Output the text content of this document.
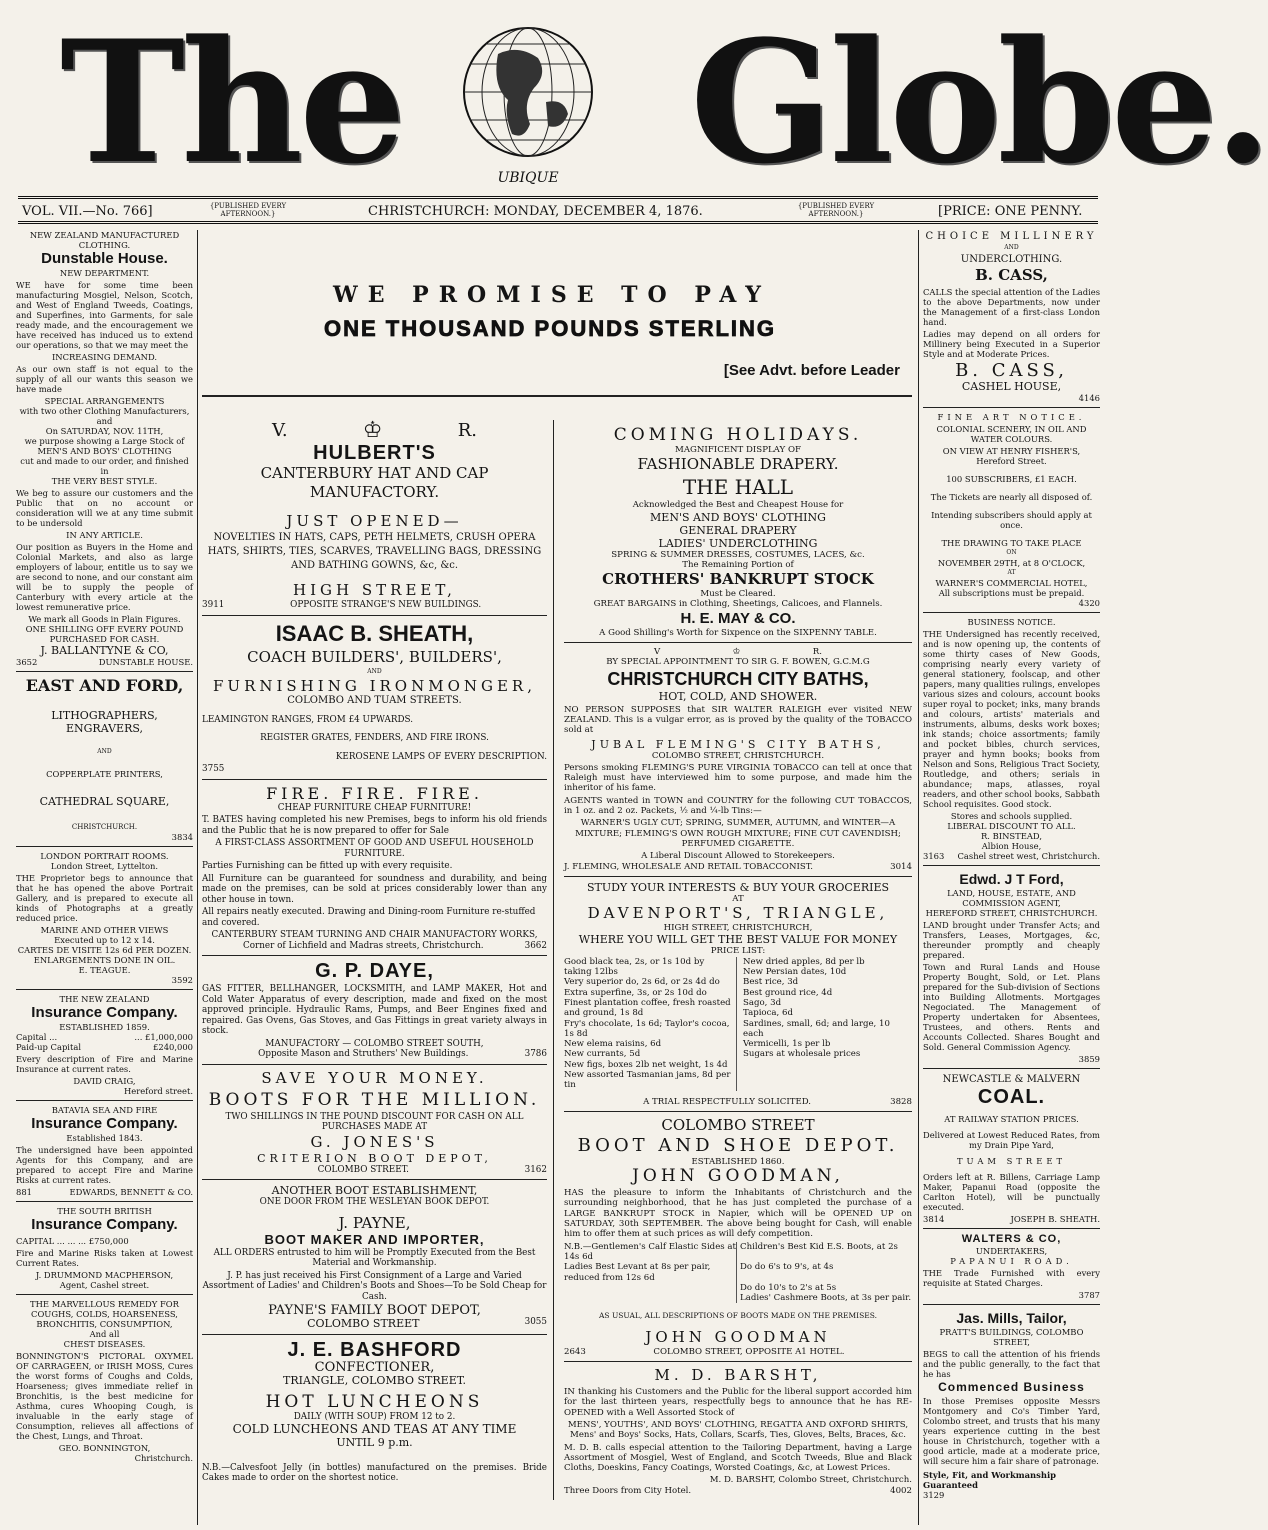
The	UBIQUE Globe.
VOL. VII.—No. 766]	{PUBLISHED EVERY AFTERNOON.}	CHRISTCHURCH: MONDAY, DECEMBER 4, 1876.	{PUBLISHED EVERY AFTERNOON.}	[PRICE: ONE PENNY.
NEW ZEALAND MANUFACTURED CLOTHING.
Dunstable House.
NEW DEPARTMENT.

WE have for some time been manufacturing Mosgiel, Nelson, Scotch, and West of England Tweeds, Coatings, and Superfines, into Garments, for sale ready made, and the encouragement we have received has induced us to extend our operations, so that we may meet the

INCREASING DEMAND.

As our own staff is not equal to the supply of all our wants this season we have made

SPECIAL ARRANGEMENTS
with two other Clothing Manufacturers, and
On SATURDAY, NOV. 11TH,
we purpose showing a Large Stock of
MEN'S AND BOYS' CLOTHING
cut and made to our order, and finished in
THE VERY BEST STYLE.

We beg to assure our customers and the Public that on no account or consideration will we at any time submit to be undersold

IN ANY ARTICLE.

Our position as Buyers in the Home and Colonial Markets, and also as large employers of labour, entitle us to say we are second to none, and our constant aim will be to supply the people of Canterbury with every article at the lowest remunerative price.

We mark all Goods in Plain Figures.
ONE SHILLING OFF EVERY POUND PURCHASED FOR CASH.
J. BALLANTYNE & CO,
3652	DUNSTABLE HOUSE.
EAST AND FORD,
LITHOGRAPHERS, ENGRAVERS,
AND
COPPERPLATE PRINTERS,
CATHEDRAL SQUARE,
CHRISTCHURCH.
3834
LONDON PORTRAIT ROOMS.
London Street, Lyttelton.

THE Proprietor begs to announce that that he has opened the above Portrait Gallery, and is prepared to execute all kinds of Photographs at a greatly reduced price.

MARINE AND OTHER VIEWS
Executed up to 12 x 14.
CARTES DE VISITE 12s 6d PER DOZEN.
ENLARGEMENTS DONE IN OIL.
E. TEAGUE.
3592
THE NEW ZEALAND
Insurance Company.
ESTABLISHED 1859.
Capital ...	... £1,000,000
Paid-up Capital	£240,000

Every description of Fire and Marine Insurance at current rates.

DAVID CRAIG,
Hereford street.
BATAVIA SEA AND FIRE
Insurance Company.
Established 1843.

The undersigned have been appointed Agents for this Company, and are prepared to accept Fire and Marine Risks at current rates.

881	EDWARDS, BENNETT & CO.
THE SOUTH BRITISH
Insurance Company.

CAPITAL ... ... ... £750,000

Fire and Marine Risks taken at Lowest Current Rates.

J. DRUMMOND MACPHERSON,
Agent, Cashel street.
THE MARVELLOUS REMEDY FOR COUGHS, COLDS, HOARSENESS, BRONCHITIS, CONSUMPTION,
And all
CHEST DISEASES.

BONNINGTON'S PICTORAL OXYMEL OF CARRAGEEN, or IRISH MOSS, Cures the worst forms of Coughs and Colds, Hoarseness; gives immediate relief in Bronchitis, is the best medicine for Asthma, cures Whooping Cough, is invaluable in the early stage of Consumption, relieves all affections of the Chest, Lungs, and Throat.

GEO. BONNINGTON,
Christchurch.
WE PROMISE TO PAY
ONE THOUSAND POUNDS STERLING
[See Advt. before Leader
V.	♔	R.
HULBERT'S
CANTERBURY HAT AND CAP MANUFACTORY.
JUST OPENED—
NOVELTIES IN HATS, CAPS, PETH HELMETS, CRUSH OPERA HATS, SHIRTS, TIES, SCARVES, TRAVELLING BAGS, DRESSING AND BATHING GOWNS, &c, &c.
HIGH STREET,
3911	OPPOSITE STRANGE'S NEW BUILDINGS.
ISAAC B. SHEATH,
COACH BUILDERS', BUILDERS',
AND
FURNISHING IRONMONGER,
COLOMBO AND TUAM STREETS.

LEAMINGTON RANGES, FROM £4 UPWARDS.

REGISTER GRATES, FENDERS, AND FIRE IRONS.

KEROSENE LAMPS OF EVERY DESCRIPTION.

3755
FIRE. FIRE. FIRE.
CHEAP FURNITURE CHEAP FURNITURE!

T. BATES having completed his new Premises, begs to inform his old friends and the Public that he is now prepared to offer for Sale

A FIRST-CLASS ASSORTMENT OF GOOD AND USEFUL HOUSEHOLD FURNITURE.

Parties Furnishing can be fitted up with every requisite.

All Furniture can be guaranteed for soundness and durability, and being made on the premises, can be sold at prices considerably lower than any other house in town.

All repairs neatly executed. Drawing and Dining-room Furniture re-stuffed and covered.

CANTERBURY STEAM TURNING AND CHAIR MANUFACTORY WORKS,
Corner of Lichfield and Madras streets, Christchurch.	3662
G. P. DAYE,

GAS FITTER, BELLHANGER, LOCKSMITH, and LAMP MAKER, Hot and Cold Water Apparatus of every description, made and fixed on the most approved principle. Hydraulic Rams, Pumps, and Beer Engines fixed and repaired. Gas Ovens, Gas Stoves, and Gas Fittings in great variety always in stock.

MANUFACTORY — COLOMBO STREET SOUTH,
Opposite Mason and Struthers' New Buildings.	3786
SAVE YOUR MONEY.
BOOTS FOR THE MILLION.
TWO SHILLINGS IN THE POUND DISCOUNT FOR CASH ON ALL PURCHASES MADE AT
G. JONES'S
CRITERION BOOT DEPOT,
COLOMBO STREET.	3162
ANOTHER BOOT ESTABLISHMENT,
ONE DOOR FROM THE WESLEYAN BOOK DEPOT.
J. PAYNE,
BOOT MAKER AND IMPORTER,

ALL ORDERS entrusted to him will be Promptly Executed from the Best Material and Workmanship.

J. P. has just received his First Consignment of a Large and Varied Assortment of Ladies' and Children's Boots and Shoes—To be Sold Cheap for Cash.

PAYNE'S FAMILY BOOT DEPOT,
COLOMBO STREET	3055
J. E. BASHFORD
CONFECTIONER,
TRIANGLE, COLOMBO STREET.
HOT LUNCHEONS
DAILY (WITH SOUP) FROM 12 to 2.
COLD LUNCHEONS AND TEAS AT ANY TIME
UNTIL 9 p.m.

N.B.—Calvesfoot Jelly (in bottles) manufactured on the premises. Bride Cakes made to order on the shortest notice.

COMING HOLIDAYS.
MAGNIFICENT DISPLAY OF
FASHIONABLE DRAPERY.
THE HALL
Acknowledged the Best and Cheapest House for
MEN'S AND BOYS' CLOTHING
GENERAL DRAPERY
LADIES' UNDERCLOTHING
SPRING & SUMMER DRESSES, COSTUMES, LACES, &c.
The Remaining Portion of
CROTHERS' BANKRUPT STOCK
Must be Cleared.
GREAT BARGAINS in Clothing, Sheetings, Calicoes, and Flannels.
H. E. MAY & CO.
A Good Shilling's Worth for Sixpence on the SIXPENNY TABLE.
V	♔	R.
BY SPECIAL APPOINTMENT TO SIR G. F. BOWEN, G.C.M.G
CHRISTCHURCH CITY BATHS,
HOT, COLD, AND SHOWER.

NO PERSON SUPPOSES that SIR WALTER RALEIGH ever visited NEW ZEALAND. This is a vulgar error, as is proved by the quality of the TOBACCO sold at

JUBAL FLEMING'S CITY BATHS,
COLOMBO STREET, CHRISTCHURCH.

Persons smoking FLEMING'S PURE VIRGINIA TOBACCO can tell at once that Raleigh must have interviewed him to some purpose, and made him the inheritor of his fame.

AGENTS wanted in TOWN and COUNTRY for the following CUT TOBACCOS, in 1 oz. and 2 oz. Packets, ½ and ¼-lb Tins:—

WARNER'S UGLY CUT; SPRING, SUMMER, AUTUMN, and WINTER—A MIXTURE; FLEMING'S OWN ROUGH MIXTURE; FINE CUT CAVENDISH; PERFUMED CIGARETTE.

A Liberal Discount Allowed to Storekeepers.
J. FLEMING, WHOLESALE AND RETAIL TOBACCONIST.	3014
STUDY YOUR INTERESTS & BUY YOUR GROCERIES
AT
DAVENPORT'S, TRIANGLE,
HIGH STREET, CHRISTCHURCH,
WHERE YOU WILL GET THE BEST VALUE FOR MONEY
PRICE LIST:
Good black tea, 2s, or 1s 10d by taking 12lbs
Very superior do, 2s 6d, or 2s 4d do
Extra superfine, 3s, or 2s 10d do
Finest plantation coffee, fresh roasted and ground, 1s 8d
Fry's chocolate, 1s 6d; Taylor's cocoa, 1s 8d
New elema raisins, 6d
New currants, 5d
New figs, boxes 2lb net weight, 1s 4d
New assorted Tasmanian jams, 8d per tin
New dried apples, 8d per lb
New Persian dates, 10d
Best rice, 3d
Best ground rice, 4d
Sago, 3d
Tapioca, 6d
Sardines, small, 6d; and large, 10 each
Vermicelli, 1s per lb
Sugars at wholesale prices
A TRIAL RESPECTFULLY SOLICITED.	3828
COLOMBO STREET
BOOT AND SHOE DEPOT.
ESTABLISHED 1860.
JOHN GOODMAN,

HAS the pleasure to inform the Inhabitants of Christchurch and the surrounding neighborhood, that he has just completed the purchase of a LARGE BANKRUPT STOCK in Napier, which will be OPENED UP on SATURDAY, 30th SEPTEMBER. The above being bought for Cash, will enable him to offer them at such prices as will defy competition.

N.B.—Gentlemen's Calf Elastic Sides at 14s 6d
Children's Best Kid E.S. Boots, at 2s
Ladies Best Levant at 8s per pair, reduced from 12s 6d
Do do 6's to 9's, at 4s
Do do 10's to 2's at 5s
Ladies' Cashmere Boots, at 3s per pair.
AS USUAL, ALL DESCRIPTIONS OF BOOTS MADE ON THE PREMISES.
JOHN GOODMAN
2643	COLOMBO STREET, OPPOSITE A1 HOTEL.
M. D. BARSHT,

IN thanking his Customers and the Public for the liberal support accorded him for the last thirteen years, respectfully begs to announce that he has RE-OPENED with a Well Assorted Stock of

MENS', YOUTHS', AND BOYS' CLOTHING, REGATTA AND OXFORD SHIRTS,
Mens' and Boys' Socks, Hats, Collars, Scarfs, Ties, Gloves, Belts, Braces, &c.

M. D. B. calls especial attention to the Tailoring Department, having a Large Assortment of Mosgiel, West of England, and Scotch Tweeds, Blue and Black Cloths, Doeskins, Fancy Coatings, Worsted Coatings, &c, at Lowest Prices.

M. D. BARSHT, Colombo Street, Christchurch.
Three Doors from City Hotel.	4002
CHOICE MILLINERY
AND
UNDERCLOTHING.
B. CASS,

CALLS the special attention of the Ladies to the above Departments, now under the Management of a first-class London hand.

Ladies may depend on all orders for Millinery being Executed in a Superior Style and at Moderate Prices.

B. CASS,
CASHEL HOUSE,
4146
FINE ART NOTICE.

COLONIAL SCENERY, IN OIL AND WATER COLOURS.

ON VIEW AT HENRY FISHER'S,
Hereford Street.
100 SUBSCRIBERS, £1 EACH.
The Tickets are nearly all disposed of.
Intending subscribers should apply at once.
THE DRAWING TO TAKE PLACE
ON
NOVEMBER 29TH, at 8 O'CLOCK,
AT
WARNER'S COMMERCIAL HOTEL,
All subscriptions must be prepaid.
4320
BUSINESS NOTICE.

THE Undersigned has recently received, and is now opening up, the contents of some thirty cases of New Goods, comprising nearly every variety of general stationery, foolscap, and other papers, many qualities rulings, envelopes various sizes and colours, account books super royal to pocket; inks, many brands and colours, artists' materials and instruments, albums, desks work boxes; ink stands; choice assortments; family and pocket bibles, church services, prayer and hymn books; books from Nelson and Sons, Religious Tract Society, Routledge, and others; serials in abundance; maps, atlasses, royal readers, and other school books, Sabbath School requisites. Good stock.

Stores and schools supplied.
LIBERAL DISCOUNT TO ALL.
R. BINSTEAD,
Albion House,
3163 Cashel street west, Christchurch.
Edwd. J T Ford,
LAND, HOUSE, ESTATE, AND COMMISSION AGENT,
HEREFORD STREET, CHRISTCHURCH.

LAND brought under Transfer Acts; and Transfers, Leases, Mortgages, &c, thereunder promptly and cheaply prepared.

Town and Rural Lands and House Property Bought, Sold, or Let. Plans prepared for the Sub-division of Sections into Building Allotments. Mortgages Negociated. The Management of Property undertaken for Absentees, Trustees, and others. Rents and Accounts Collected. Shares Bought and Sold. General Commission Agency.

3859
NEWCASTLE & MALVERN
COAL.
AT RAILWAY STATION PRICES.

Delivered at Lowest Reduced Rates, from my Drain Pipe Yard,

TUAM STREET

Orders left at R. Billens, Carriage Lamp Maker, Papanui Road (opposite the Carlton Hotel), will be punctually executed.

3814	JOSEPH B. SHEATH.
WALTERS & CO,
UNDERTAKERS,
PAPANUI ROAD.

THE Trade Furnished with every requisite at Stated Charges.

3787
Jas. Mills, Tailor,
PRATT'S BUILDINGS, COLOMBO STREET,

BEGS to call the attention of his friends and the public generally, to the fact that he has

Commenced Business

In those Premises opposite Messrs Montgomery and Co's Timber Yard, Colombo street, and trusts that his many years experience cutting in the best house in Christchurch, together with a good article, made at a moderate price, will secure him a fair share of patronage.

Style, Fit, and Workmanship Guaranteed
3129
